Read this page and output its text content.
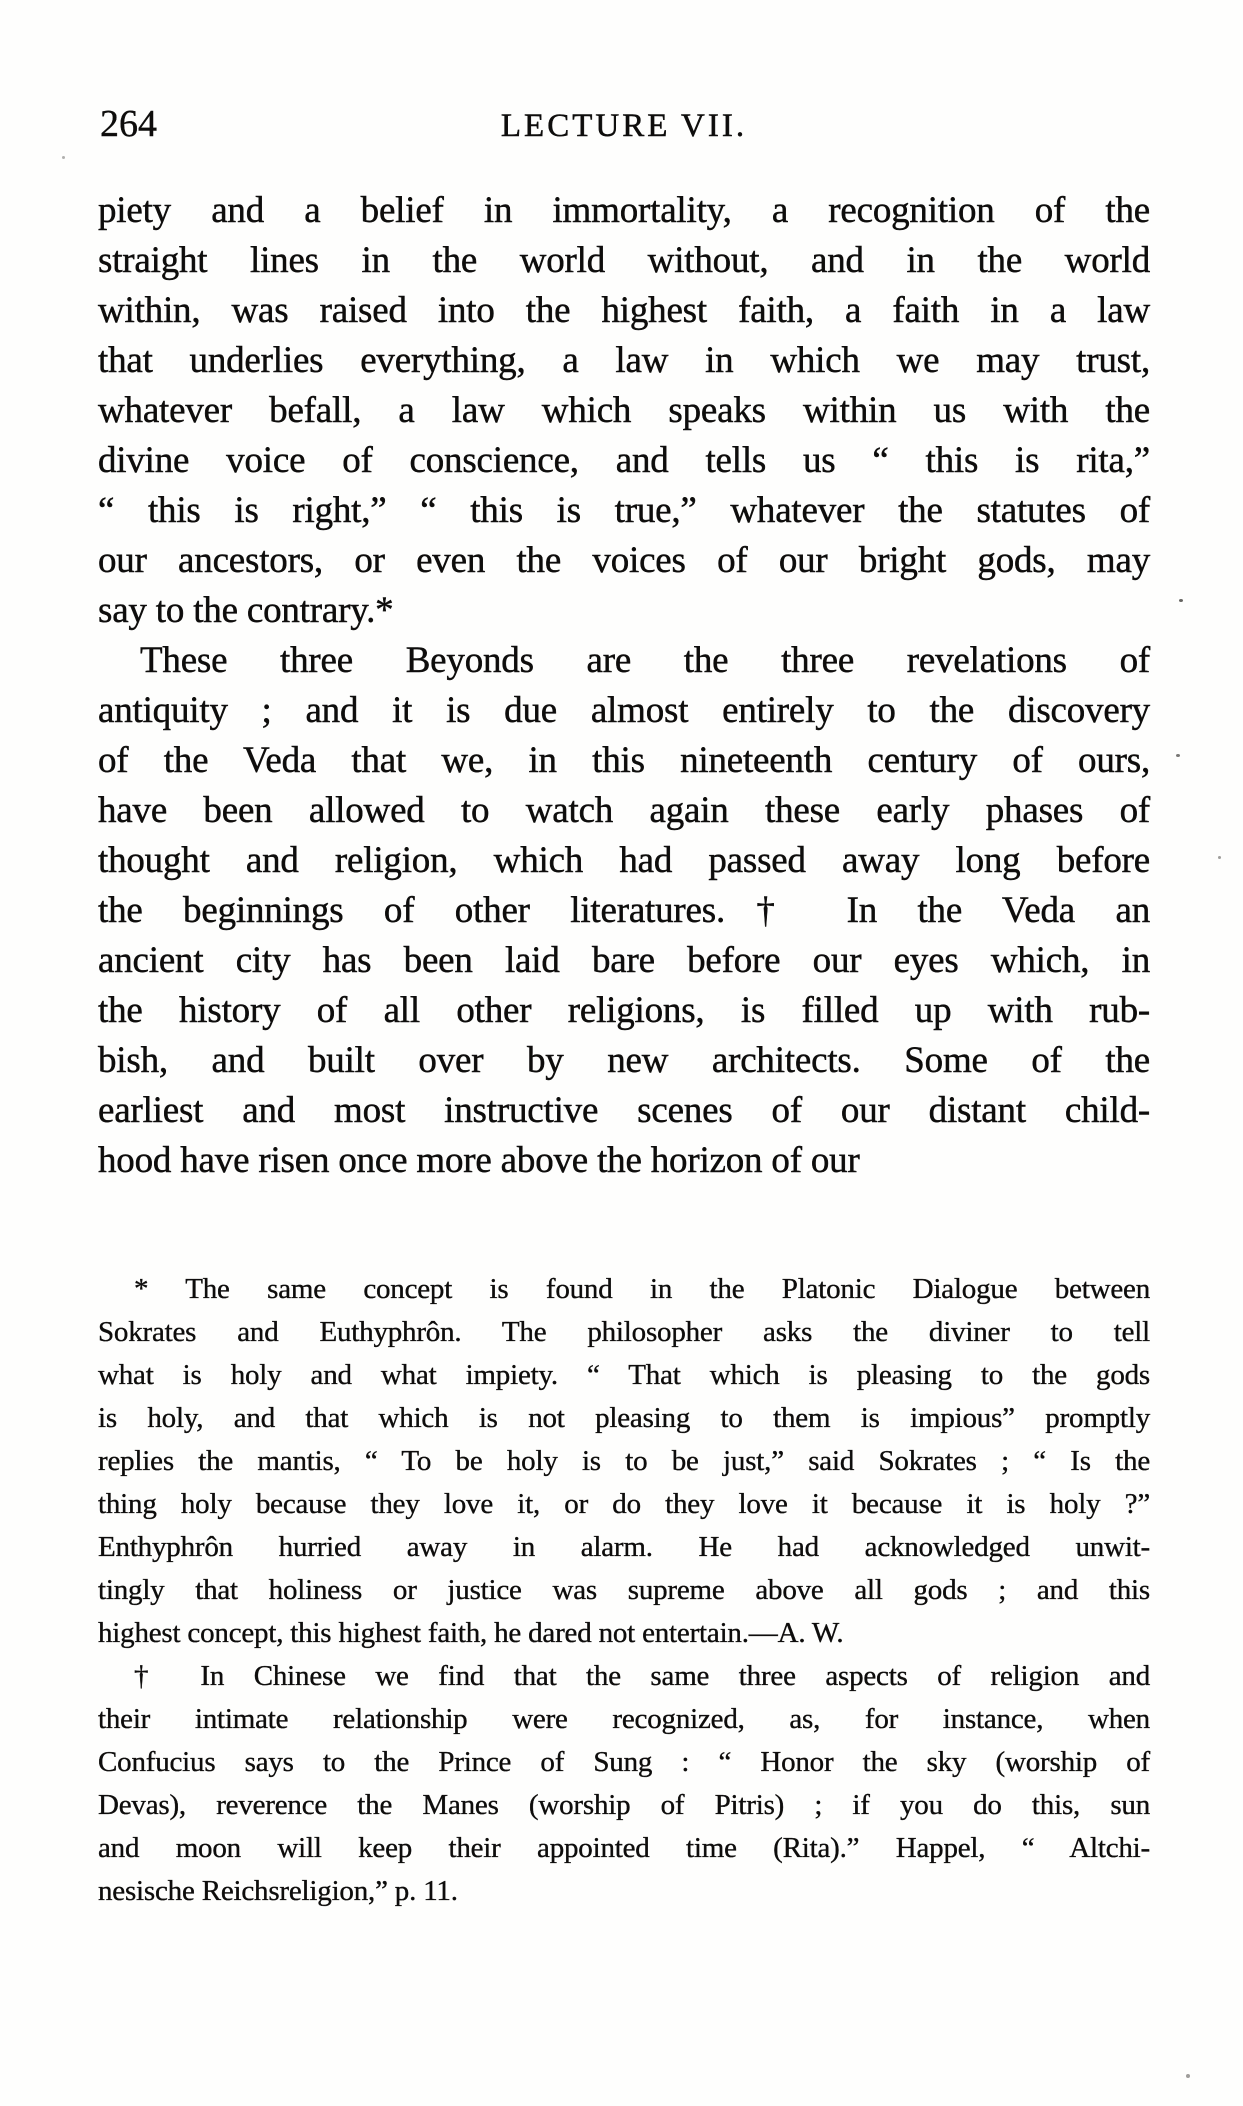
264	LECTURE VII.
piety and a belief in immortality, a recognition of the
straight lines in the world without, and in the world
within, was raised into the highest faith, a faith in a law
that underlies everything, a law in which we may trust,
whatever befall, a law which speaks within us with the
divine voice of conscience, and tells us “ this is rita,”
“ this is right,” “ this is true,” whatever the statutes of
our ancestors, or even the voices of our bright gods, may
say to the contrary.*
These three Beyonds are the three revelations of
antiquity ; and it is due almost entirely to the discovery
of the Veda that we, in this nineteenth century of ours,
have been allowed to watch again these early phases of
thought and religion, which had passed away long before
the beginnings of other literatures.† In the Veda an
ancient city has been laid bare before our eyes which, in
the history of all other religions, is filled up with rub-
bish, and built over by new architects. Some of the
earliest and most instructive scenes of our distant child-
hood have risen once more above the horizon of our
* The same concept is found in the Platonic Dialogue between
Sokrates and Euthyphrôn. The philosopher asks the diviner to tell
what is holy and what impiety. “ That which is pleasing to the gods
is holy, and that which is not pleasing to them is impious” promptly
replies the mantis, “ To be holy is to be just,” said Sokrates ; “ Is the
thing holy because they love it, or do they love it because it is holy ?”
Enthyphrôn hurried away in alarm. He had acknowledged unwit-
tingly that holiness or justice was supreme above all gods ; and this
highest concept, this highest faith, he dared not entertain.—A. W.
† In Chinese we find that the same three aspects of religion and
their intimate relationship were recognized, as, for instance, when
Confucius says to the Prince of Sung : “ Honor the sky (worship of
Devas), reverence the Manes (worship of Pitris) ; if you do this, sun
and moon will keep their appointed time (Rita).” Happel, “ Altchi-
nesische Reichsreligion,” p. 11.
